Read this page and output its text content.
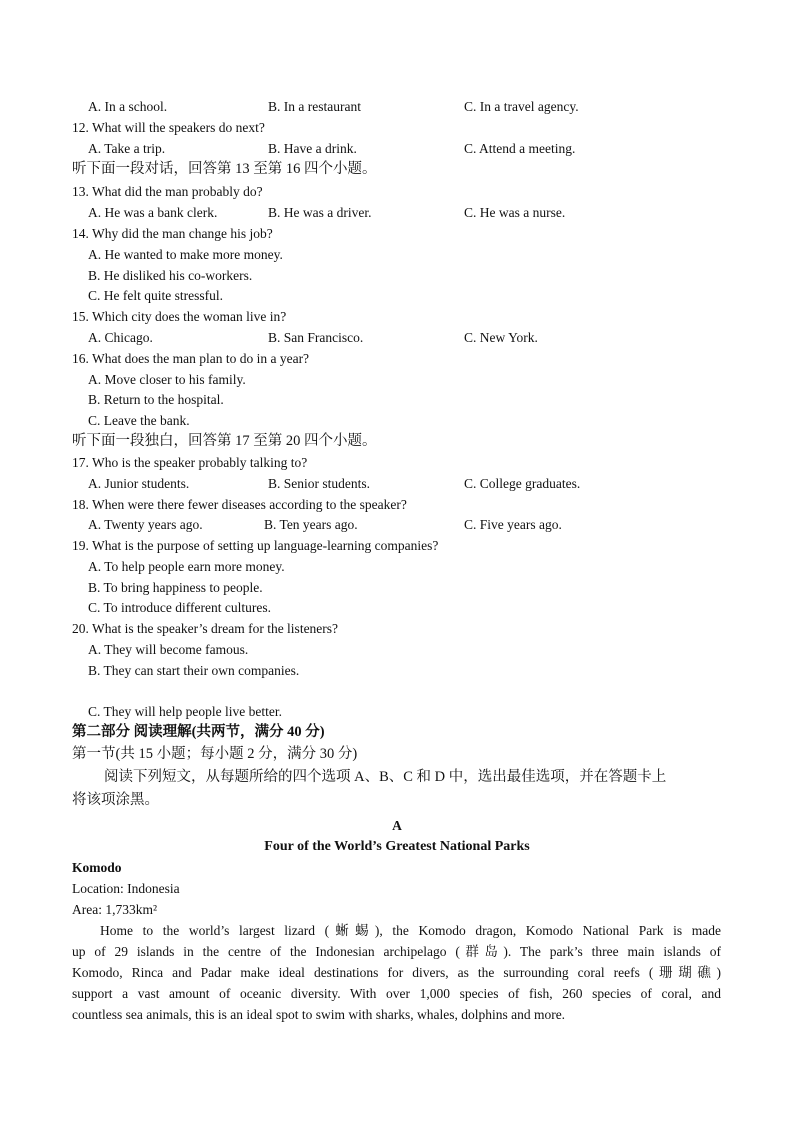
A. In a school.	B. In a restaurant	C. In a travel agency.
12. What will the speakers do next?
A. Take a trip.	B. Have a drink.	C. Attend a meeting.
听下面一段对话，回答第 13 至第 16 四个小题。
13. What did the man probably do?
A. He was a bank clerk.	B. He was a driver.	C. He was a nurse.
14. Why did the man change his job?
A. He wanted to make more money.
B. He disliked his co-workers.
C. He felt quite stressful.
15. Which city does the woman live in?
A. Chicago.	B. San Francisco.	C. New York.
16. What does the man plan to do in a year?
A. Move closer to his family.
B. Return to the hospital.
C. Leave the bank.
听下面一段独白，回答第 17 至第 20 四个小题。
17. Who is the speaker probably talking to?
A. Junior students.	B. Senior students.	C. College graduates.
18. When were there fewer diseases according to the speaker?
A. Twenty years ago.	B. Ten years ago.	C. Five years ago.
19. What is the purpose of setting up language-learning companies?
A. To help people earn more money.
B. To bring happiness to people.
C. To introduce different cultures.
20. What is the speaker’s dream for the listeners?
A. They will become famous.
B. They can start their own companies.
C. They will help people live better.
第二部分 阅读理解(共两节，满分 40 分)
第一节(共 15 小题；每小题 2 分，满分 30 分)
阅读下列短文，从每题所给的四个选项 A、B、C 和 D 中，选出最佳选项，并在答题卡上
将该项涂黑。
A
Four of the World’s Greatest National Parks
Komodo
Location: Indonesia
Area: 1,733km²
Home to the world’s largest lizard (蜥蜴), the Komodo dragon, Komodo National Park is made
up of 29 islands in the centre of the Indonesian archipelago (群岛). The park’s three main islands of
Komodo, Rinca and Padar make ideal destinations for divers, as the surrounding coral reefs (珊瑚礁)
support a vast amount of oceanic diversity. With over 1,000 species of fish, 260 species of coral, and
countless sea animals, this is an ideal spot to swim with sharks, whales, dolphins and more.
